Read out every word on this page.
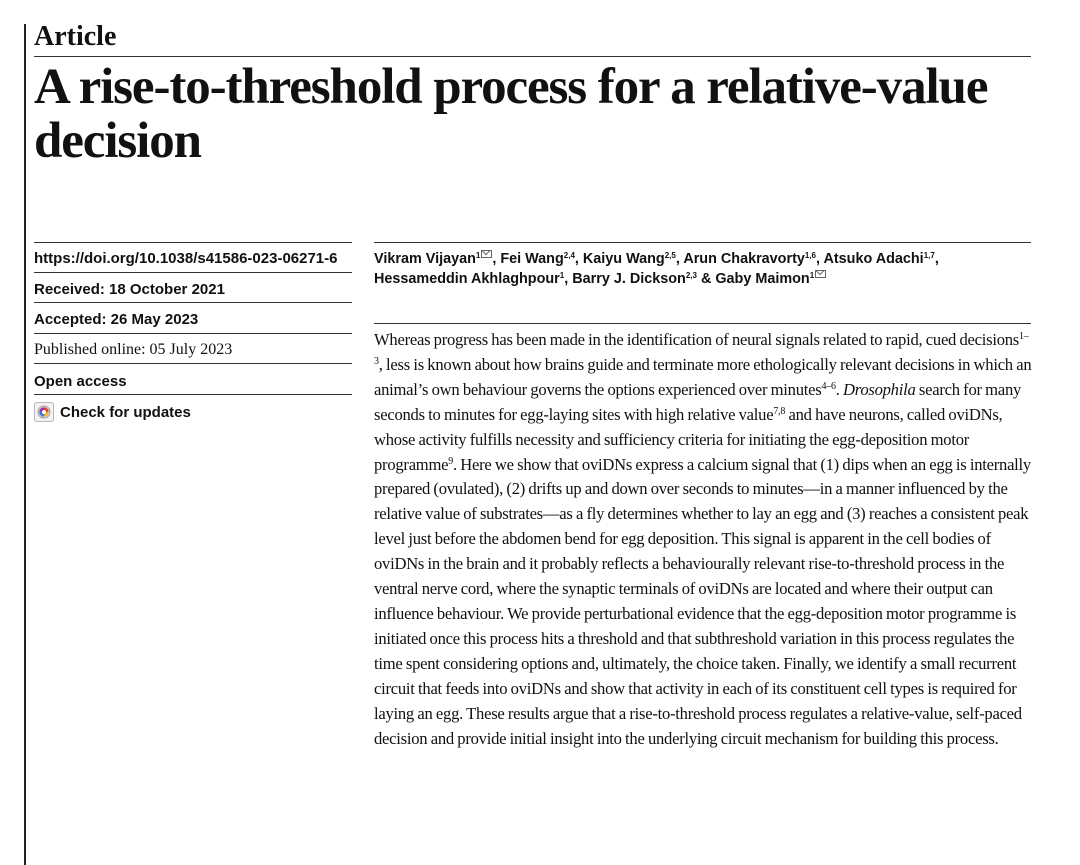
Article
A rise-to-threshold process for a relative-value decision
https://doi.org/10.1038/s41586-023-06271-6
Received: 18 October 2021
Accepted: 26 May 2023
Published online: 05 July 2023
Open access
Check for updates
Vikram Vijayan$^1$ , Fei Wang$^{2,4}$, Kaiyu Wang$^{2,5}$, Arun Chakravorty$^{1,6}$, Atsuko Adachi$^{1,7}$, Hessameddin Akhlaghpour$^1$, Barry J. Dickson$^{2,3}$ & Gaby Maimon$^1$

Whereas progress has been made in the identification of neural signals related to rapid, cued decisions$^{1-3}$, less is known about how brains guide and terminate more ethologically relevant decisions in which an animal’s own behaviour governs the options experienced over minutes$^{4-6}$. Drosophila search for many seconds to minutes for egg-laying sites with high relative value$^{7,8}$ and have neurons, called oviDNs, whose activity fulfills necessity and sufficiency criteria for initiating the egg-deposition motor programme$^9$. Here we show that oviDNs express a calcium signal that (1) dips when an egg is internally prepared (ovulated), (2) drifts up and down over seconds to minutes—in a manner influenced by the relative value of substrates—as a fly determines whether to lay an egg and (3) reaches a consistent peak level just before the abdomen bend for egg deposition. This signal is apparent in the cell bodies of oviDNs in the brain and it probably reflects a behaviourally relevant rise-to-threshold process in the ventral nerve cord, where the synaptic terminals of oviDNs are located and where their output can influence behaviour. We provide perturbational evidence that the egg-deposition motor programme is initiated once this process hits a threshold and that subthreshold variation in this process regulates the time spent considering options and, ultimately, the choice taken. Finally, we identify a small recurrent circuit that feeds into oviDNs and show that activity in each of its constituent cell types is required for laying an egg. These results argue that a rise-to-threshold process regulates a relative-value, self-paced decision and provide initial insight into the underlying circuit mechanism for building this process.
